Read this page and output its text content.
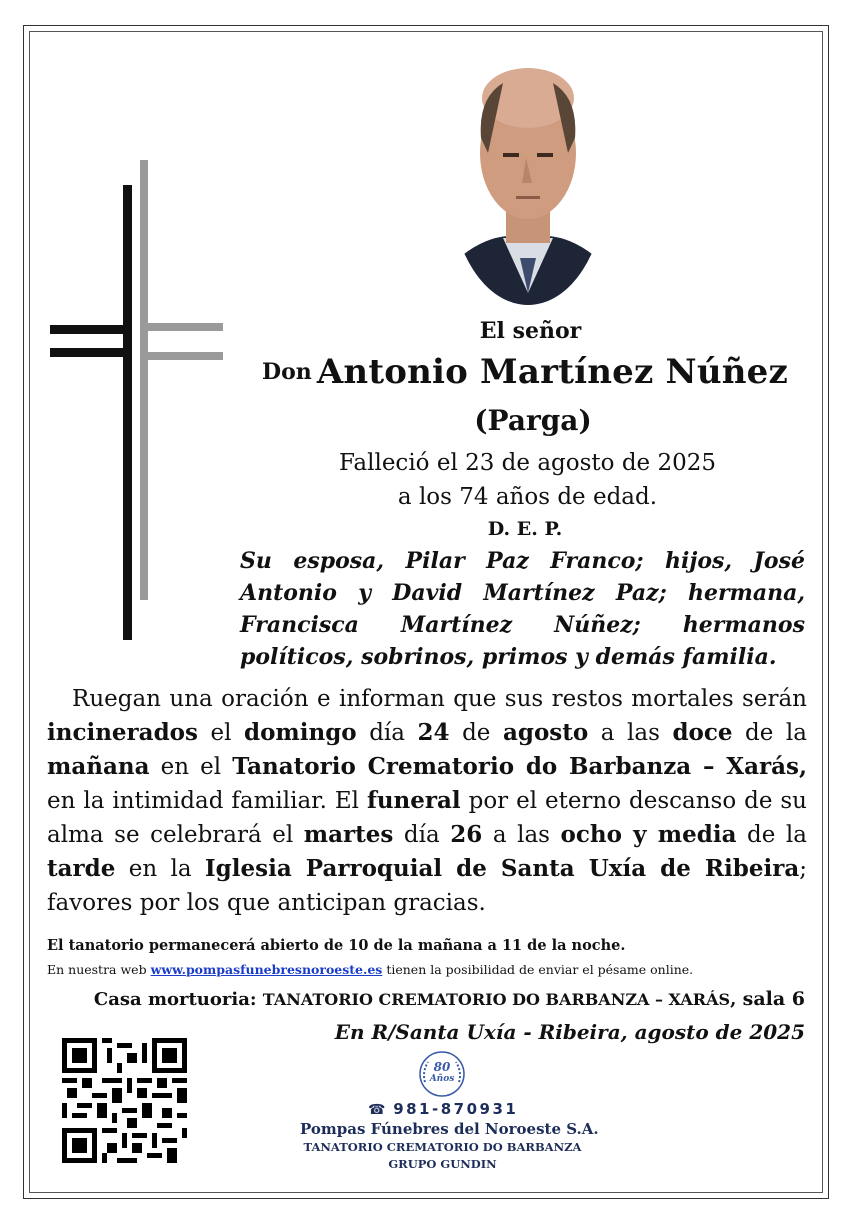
El señor
Don Antonio Martínez Núñez
(Parga)
Falleció el 23 de agosto de 2025
a los 74 años de edad.
D. E. P.
Su esposa, Pilar Paz Franco; hijos, José Antonio y David Martínez Paz; hermana, Francisca Martínez Núñez; hermanos políticos, sobrinos, primos y demás familia.
Ruegan una oración e informan que sus restos mortales serán incinerados el domingo día 24 de agosto a las doce de la mañana en el Tanatorio Crematorio do Barbanza – Xarás, en la intimidad familiar. El funeral por el eterno descanso de su alma se celebrará el martes día 26 a las ocho y media de la tarde en la Iglesia Parroquial de Santa Uxía de Ribeira; favores por los que anticipan gracias.
El tanatorio permanecerá abierto de 10 de la mañana a 11 de la noche.
En nuestra web www.pompasfunebresnoroeste.es tienen la posibilidad de enviar el pésame online.
Casa mortuoria: TANATORIO CREMATORIO DO BARBANZA – XARÁS, sala 6
En R/Santa Uxía - Ribeira, agosto de 2025
80
Años
☎ 981-870931
Pompas Fúnebres del Noroeste S.A.
TANATORIO CREMATORIO DO BARBANZA
GRUPO GUNDIN
